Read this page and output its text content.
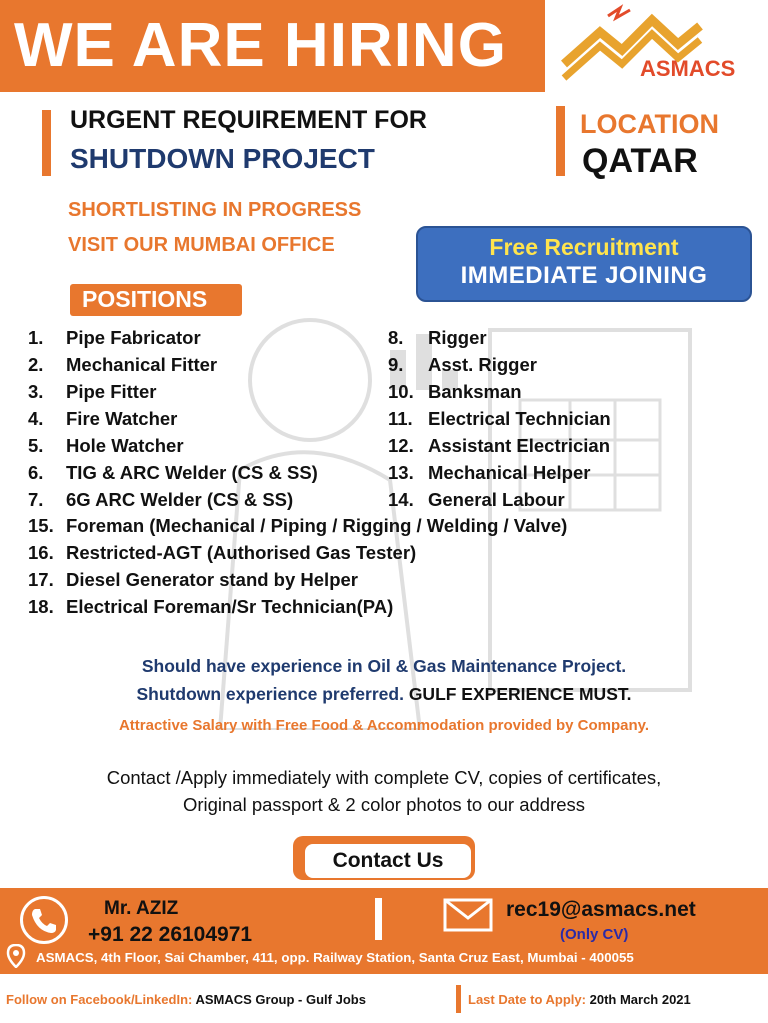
WE ARE HIRING	ASMACS
URGENT REQUIREMENT FOR
SHUTDOWN PROJECT
LOCATION
QATAR
SHORTLISTING IN PROGRESS
VISIT OUR MUMBAI OFFICE	Free Recruitment
IMMEDIATE JOINING
POSITIONS
1. Pipe Fabricator
2. Mechanical Fitter
3. Pipe Fitter
4. Fire Watcher
5. Hole Watcher
6. TIG & ARC Welder (CS & SS)
7. 6G ARC Welder (CS & SS)
8. Rigger
9. Asst. Rigger
10. Banksman
11. Electrical Technician
12. Assistant Electrician
13. Mechanical Helper
14. General Labour
15. Foreman (Mechanical / Piping / Rigging / Welding / Valve)
16. Restricted-AGT (Authorised Gas Tester)
17. Diesel Generator stand by Helper
18. Electrical Foreman/Sr Technician(PA)
Should have experience in Oil & Gas Maintenance Project.
Shutdown experience preferred. GULF EXPERIENCE MUST.
Attractive Salary with Free Food & Accommodation provided by Company.
Contact /Apply immediately with complete CV, copies of certificates,
Original passport & 2 color photos to our address
Contact Us
Mr. AZIZ
+91 22 26104971
rec19@asmacs.net
(Only CV)
ASMACS, 4th Floor, Sai Chamber, 411, opp. Railway Station, Santa Cruz East, Mumbai - 400055
Follow on Facebook/LinkedIn: ASMACS Group - Gulf Jobs	Last Date to Apply: 20th March 2021
